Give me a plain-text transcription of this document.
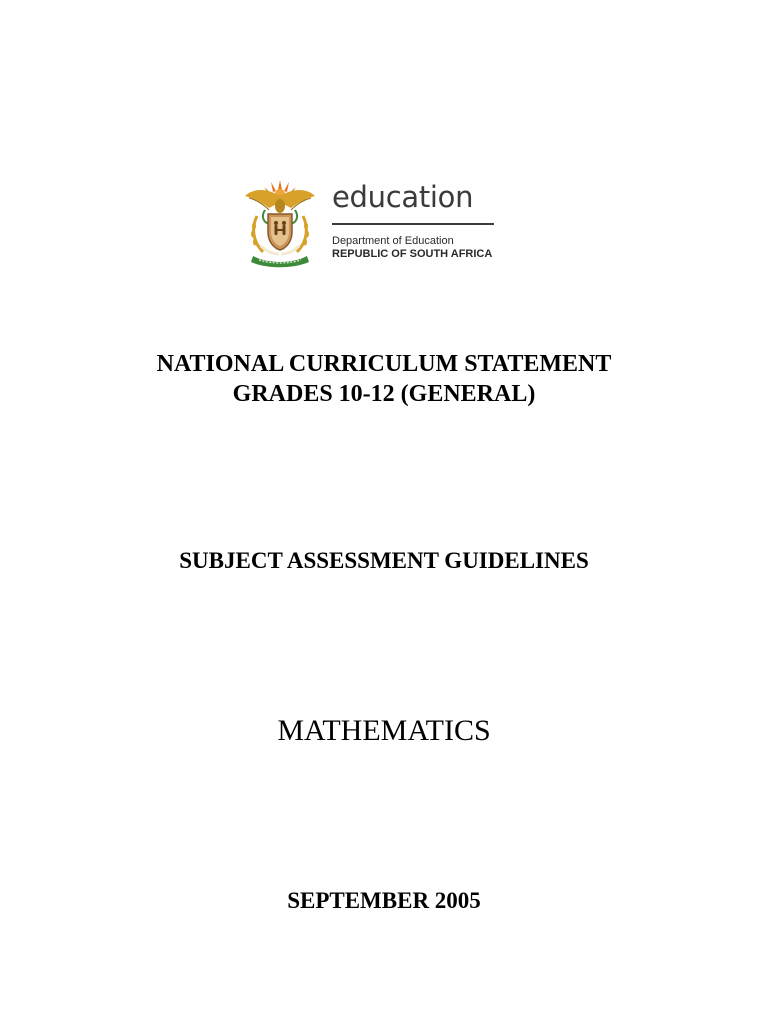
education
Department of Education
REPUBLIC OF SOUTH AFRICA
NATIONAL CURRICULUM STATEMENT
GRADES 10-12 (GENERAL)
SUBJECT ASSESSMENT GUIDELINES
MATHEMATICS
SEPTEMBER 2005
